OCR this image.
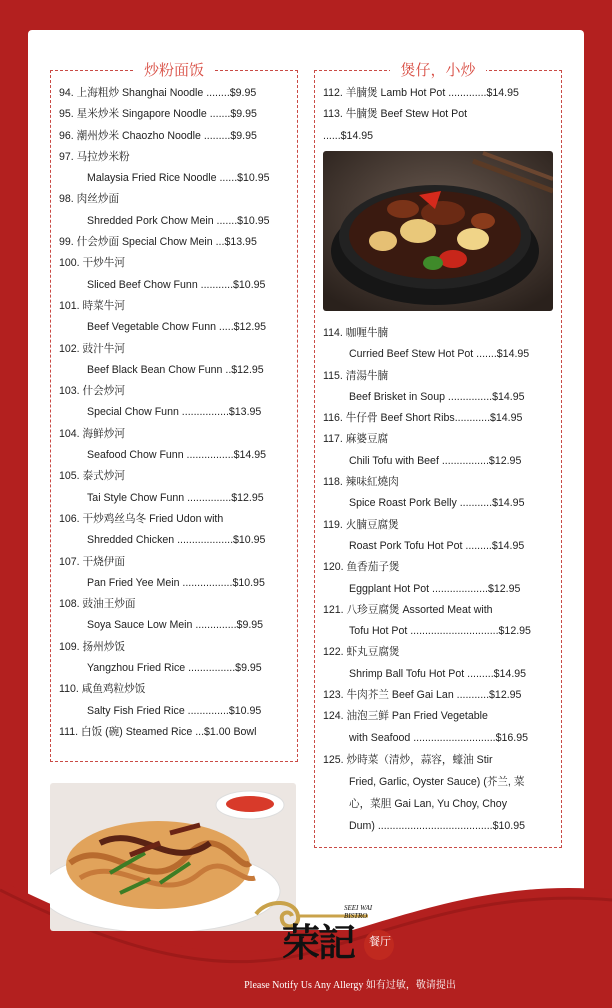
炒粉面饭
94. 上海粗炒 Shanghai Noodle ........$9.95
95. 星米炒米 Singapore Noodle .......$9.95
96. 潮州炒米 Chaozho Noodle .........$9.95
97. 马拉炒米粉
Malaysia Fried Rice Noodle ......$10.95
98. 肉丝炒面
Shredded Pork Chow Mein .......$10.95
99. 什会炒面 Special Chow Mein ...$13.95
100. 干炒牛河
Sliced Beef Chow Funn ...........$10.95
101. 時菜牛河
Beef Vegetable Chow Funn .....$12.95
102. 豉汁牛河
Beef Black Bean Chow Funn ..$12.95
103. 什会炒河
Special Chow Funn ................$13.95
104. 海鲜炒河
Seafood Chow Funn ................$14.95
105. 泰式炒河
Tai Style Chow Funn ...............$12.95
106. 干炒鸡丝乌冬 Fried Udon with
Shredded Chicken ...................$10.95
107. 干烧伊面
Pan Fried Yee Mein .................$10.95
108. 豉油王炒面
Soya Sauce Low Mein ..............$9.95
109. 扬州炒饭
Yangzhou Fried Rice ................$9.95
110. 咸鱼鸡粒炒饭
Salty Fish Fried Rice ..............$10.95
111. 白饭 (碗) Steamed Rice ...$1.00 Bowl
煲仔，小炒
112. 羊腩煲 Lamb Hot Pot .............$14.95
113. 牛腩煲 Beef Stew Hot Pot
......$14.95
114. 咖喱牛腩
Curried Beef Stew Hot Pot .......$14.95
115. 清湯牛腩
Beef Brisket in Soup ...............$14.95
116. 牛仔骨 Beef Short Ribs............$14.95
117. 麻婆豆腐
Chili Tofu with Beef ................$12.95
118. 辣味紅燒肉
Spice Roast Pork Belly ...........$14.95
119. 火腩豆腐煲
Roast Pork Tofu Hot Pot .........$14.95
120. 鱼香茄子煲
Eggplant Hot Pot ...................$12.95
121. 八珍豆腐煲 Assorted Meat with
Tofu Hot Pot ..............................$12.95
122. 虾丸豆腐煲
Shrimp Ball Tofu Hot Pot .........$14.95
123. 牛肉芥兰 Beef Gai Lan ...........$12.95
124. 油泡三鲜 Pan Fried Vegetable
with Seafood ............................$16.95
125. 炒時菜（清炒，蒜容，蠔油 Stir
Fried, Garlic, Oyster Sauce) (芥兰, 菜
心，菜胆 Gai Lan, Yu Choy, Choy
Dum) .......................................$10.95
荣記
SEEI WAI
BISTRO
餐厅
Please Notify Us Any Allergy 如有过敏，敬请提出
